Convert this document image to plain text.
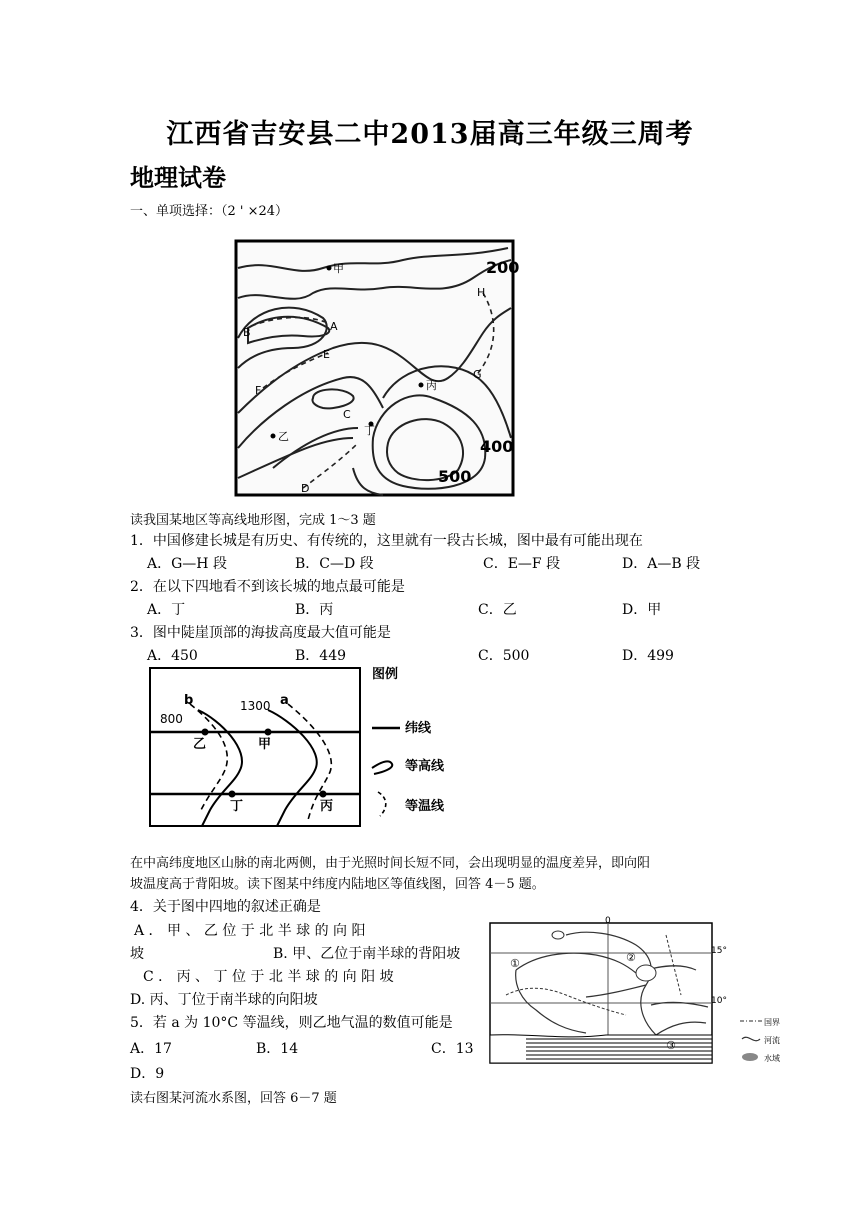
江西省吉安县二中2013届高三年级三周考
地理试卷
一、单项选择：（2 ' ×24）
甲
丙
乙	丁
A
B
C
D
E
F
G
H
200
400
500
读我国某地区等高线地形图，完成 1～3 题
1．中国修建长城是有历史、有传统的，这里就有一段古长城，图中最有可能出现在
A．G—H 段	B．C—D 段	C．E—F 段	D．A—B 段
2．在以下四地看不到该长城的地点最可能是
A．丁	B．丙	C．乙	D．甲
3．图中陡崖顶部的海拔高度最大值可能是
A．450	B．449	C．500	D．499
b	a
乙	甲
丁	丙
图例
纬线
等高线
等温线
800
1300
在中高纬度地区山脉的南北两侧，由于光照时间长短不同，会出现明显的温度差异，即向阳
坡温度高于背阳坡。读下图某中纬度内陆地区等值线图，回答 4－5 题。
4．关于图中四地的叙述正确是
A ． 甲 、 乙 位 于 北 半 球 的 向 阳
坡	B. 甲、乙位于南半球的背阳坡
C ． 丙 、 丁 位 于 北 半 球 的 向 阳 坡
D. 丙、丁位于南半球的向阳坡
5．若 a 为 10°C 等温线，则乙地气温的数值可能是
A．17	B．14	C．13
D．9
0
15°
10°
①	②
③
国界
河流
水域
读右图某河流水系图，回答 6－7 题
